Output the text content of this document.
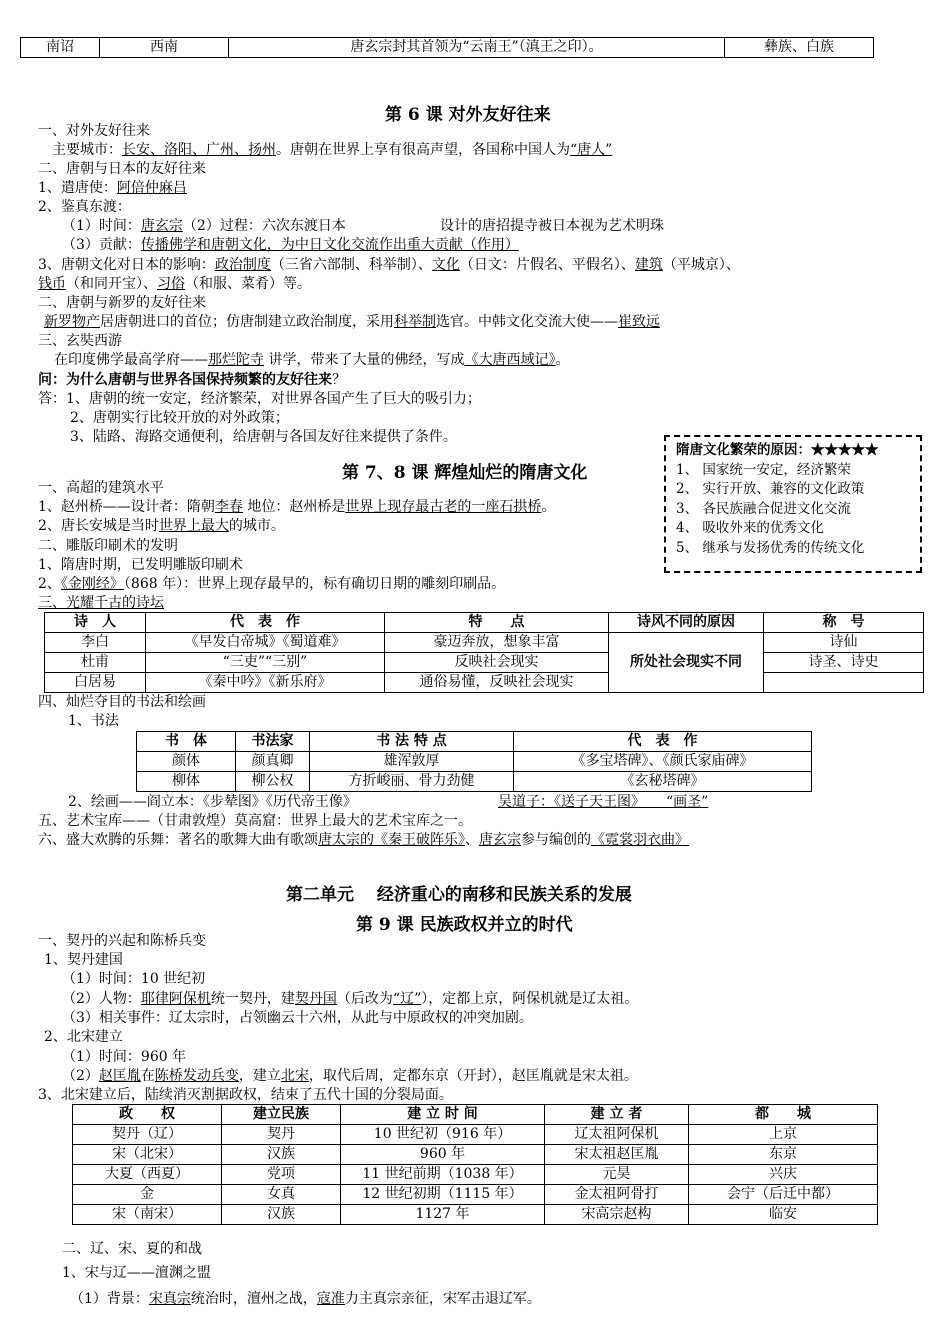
南诏	西南	唐玄宗封其首领为“云南王”（滇王之印）。	彝族、白族
第 6 课 对外友好往来
一、对外友好往来
主要城市：长安、洛阳、广州、扬州。唐朝在世界上享有很高声望，各国称中国人为“唐人”
二、唐朝与日本的友好往来
1、遣唐使：阿倍仲麻吕
2、鉴真东渡：
（1）时间：唐玄宗（2）过程：六次东渡日本	设计的唐招提寺被日本视为艺术明珠
（3）贡献：传播佛学和唐朝文化，为中日文化交流作出重大贡献（作用）
3、唐朝文化对日本的影响：政治制度（三省六部制、科举制）、文化（日文：片假名、平假名）、建筑（平城京）、
钱币（和同开宝）、习俗（和服、菜肴）等。
二、唐朝与新罗的友好往来
新罗物产居唐朝进口的首位；仿唐制建立政治制度，采用科举制选官。中韩文化交流大使——崔致远
三、玄奘西游
在印度佛学最高学府——那烂陀寺 讲学，带来了大量的佛经，写成《大唐西域记》。
问：为什么唐朝与世界各国保持频繁的友好往来？
答：1、唐朝的统一安定，经济繁荣，对世界各国产生了巨大的吸引力；
2、唐朝实行比较开放的对外政策；
3、陆路、海路交通便利，给唐朝与各国友好往来提供了条件。
隋唐文化繁荣的原因：★★★★★
1、 国家统一安定，经济繁荣
2、 实行开放、兼容的文化政策
3、 各民族融合促进文化交流
4、 吸收外来的优秀文化
5、 继承与发扬优秀的传统文化
第 7、8 课 辉煌灿烂的隋唐文化
一、高超的建筑水平
1、赵州桥——设计者：隋朝李春 地位：赵州桥是世界上现存最古老的一座石拱桥。
2、唐长安城是当时世界上最大的城市。
二、雕版印刷术的发明
1、隋唐时期，已发明雕版印刷术
2、《金刚经》（868 年）：世界上现存最早的，标有确切日期的雕刻印刷品。
三、光耀千古的诗坛
诗　人	代　表　作	特　　点	诗风不同的原因	称　号
李白	《早发白帝城》《蜀道难》	豪迈奔放，想象丰富	所处社会现实不同	诗仙
杜甫	“三吏”“三别”	反映社会现实		诗圣、诗史
白居易	《秦中吟》《新乐府》	通俗易懂，反映社会现实		
四、灿烂夺目的书法和绘画
1、书法
书　体	书法家	书 法 特 点	代　表　作
颜体	颜真卿	雄浑敦厚	《多宝塔碑》、《颜氏家庙碑》
柳体	柳公权	方折峻丽、骨力劲健	《玄秘塔碑》
2、绘画——阎立本：《步辇图》《历代帝王像》	吴道子：《送子天王图》　　“画圣”
五、艺术宝库——（甘肃敦煌）莫高窟：世界上最大的艺术宝库之一。
六、盛大欢腾的乐舞：著名的歌舞大曲有歌颂唐太宗的《秦王破阵乐》、唐玄宗参与编创的《霓裳羽衣曲》
第二单元　 经济重心的南移和民族关系的发展
第 9 课 民族政权并立的时代
一、契丹的兴起和陈桥兵变
1、契丹建国
（1）时间：10 世纪初
（2）人物：耶律阿保机统一契丹，建契丹国（后改为“辽”），定都上京，阿保机就是辽太祖。
（3）相关事件：辽太宗时，占领幽云十六州，从此与中原政权的冲突加剧。
2、北宋建立
（1）时间：960 年
（2）赵匡胤在陈桥发动兵变，建立北宋，取代后周，定都东京（开封），赵匡胤就是宋太祖。
3、北宋建立后，陆续消灭割据政权，结束了五代十国的分裂局面。
政　　权	建立民族	建 立 时 间	建 立 者	都　　城
契丹（辽）	契丹	10 世纪初（916 年）	辽太祖阿保机	上京
宋（北宋）	汉族	960 年	宋太祖赵匡胤	东京
大夏（西夏）	党项	11 世纪前期（1038 年）	元昊	兴庆
金	女真	12 世纪初期（1115 年）	金太祖阿骨打	会宁（后迁中都）
宋（南宋）	汉族	1127 年	宋高宗赵构	临安
二、辽、宋、夏的和战
1、宋与辽——澶渊之盟
（1）背景：宋真宗统治时，澶州之战，寇准力主真宗亲征，宋军击退辽军。
